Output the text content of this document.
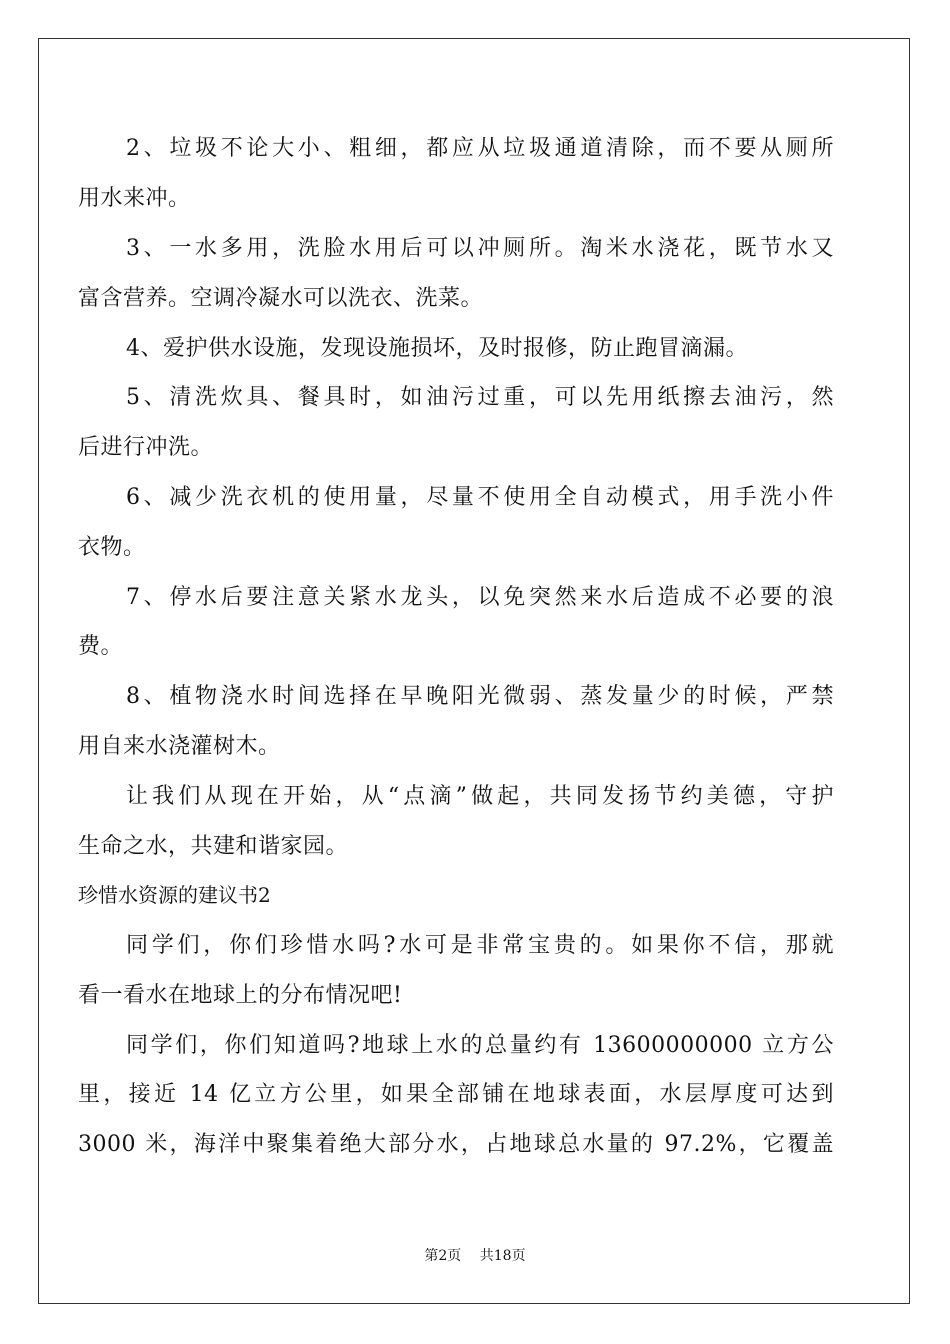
2、垃圾不论大小、粗细，都应从垃圾通道清除，而不要从厕所
用水来冲。
3、一水多用，洗脸水用后可以冲厕所。淘米水浇花，既节水又
富含营养。空调冷凝水可以洗衣、洗菜。
4、爱护供水设施，发现设施损坏，及时报修，防止跑冒滴漏。
5、清洗炊具、餐具时，如油污过重，可以先用纸擦去油污，然
后进行冲洗。
6、减少洗衣机的使用量，尽量不使用全自动模式，用手洗小件
衣物。
7、停水后要注意关紧水龙头，以免突然来水后造成不必要的浪
费。
8、植物浇水时间选择在早晚阳光微弱、蒸发量少的时候，严禁
用自来水浇灌树木。
让我们从现在开始，从“点滴”做起，共同发扬节约美德，守护
生命之水，共建和谐家园。
珍惜水资源的建议书2
同学们，你们珍惜水吗?水可是非常宝贵的。如果你不信，那就
看一看水在地球上的分布情况吧!
同学们，你们知道吗?地球上水的总量约有 13600000000 立方公
里，接近 14 亿立方公里，如果全部铺在地球表面，水层厚度可达到
3000 米，海洋中聚集着绝大部分水，占地球总水量的 97.2%，它覆盖
第2页 共18页
